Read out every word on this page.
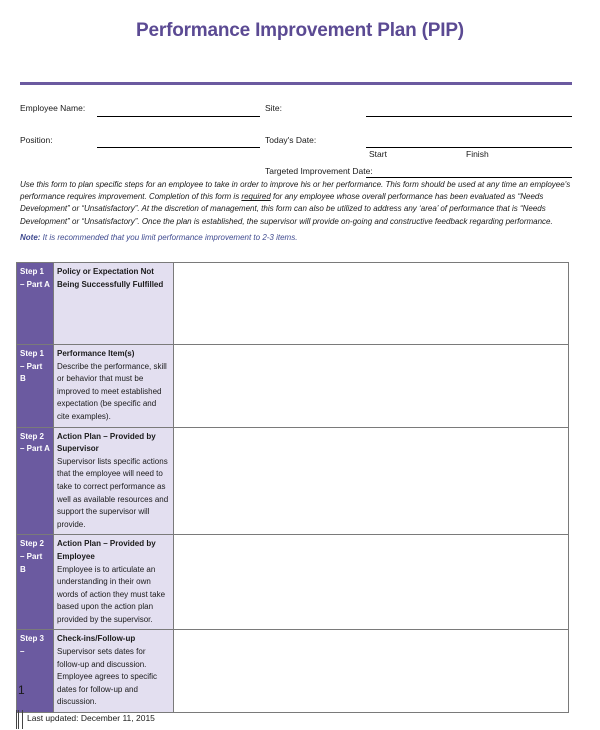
Performance Improvement Plan (PIP)
Employee Name:	Site:
Position:	Today's Date:
Start	Finish
Targeted Improvement Date:
Use this form to plan specific steps for an employee to take in order to improve his or her performance. This form should be used at any time an employee's performance requires improvement. Completion of this form is required for any employee whose overall performance has been evaluated as “Needs Development” or “Unsatisfactory”. At the discretion of management, this form can also be utilized to address any ‘area’ of performance that is “Needs Development” or “Unsatisfactory”. Once the plan is established, the supervisor will provide on-going and constructive feedback regarding performance.
Note: It is recommended that you limit performance improvement to 2-3 items.
Step 1 – Part A	Policy or Expectation Not Being Successfully Fulfilled	

Step 1 – Part B	Performance Item(s)
Describe the performance, skill or behavior that must be improved to meet established expectation (be specific and cite examples).	

Step 2 – Part A	Action Plan – Provided by Supervisor
Supervisor lists specific actions that the employee will need to take to correct performance as well as available resources and support the supervisor will provide.	

Step 2 – Part B	Action Plan – Provided by Employee
Employee is to articulate an understanding in their own words of action they must take based upon the action plan provided by the supervisor.	

Step 3 –	Check-ins/Follow-up
Supervisor sets dates for follow-up and discussion. Employee agrees to specific dates for follow-up and discussion.	

1
Last updated: December 11, 2015
